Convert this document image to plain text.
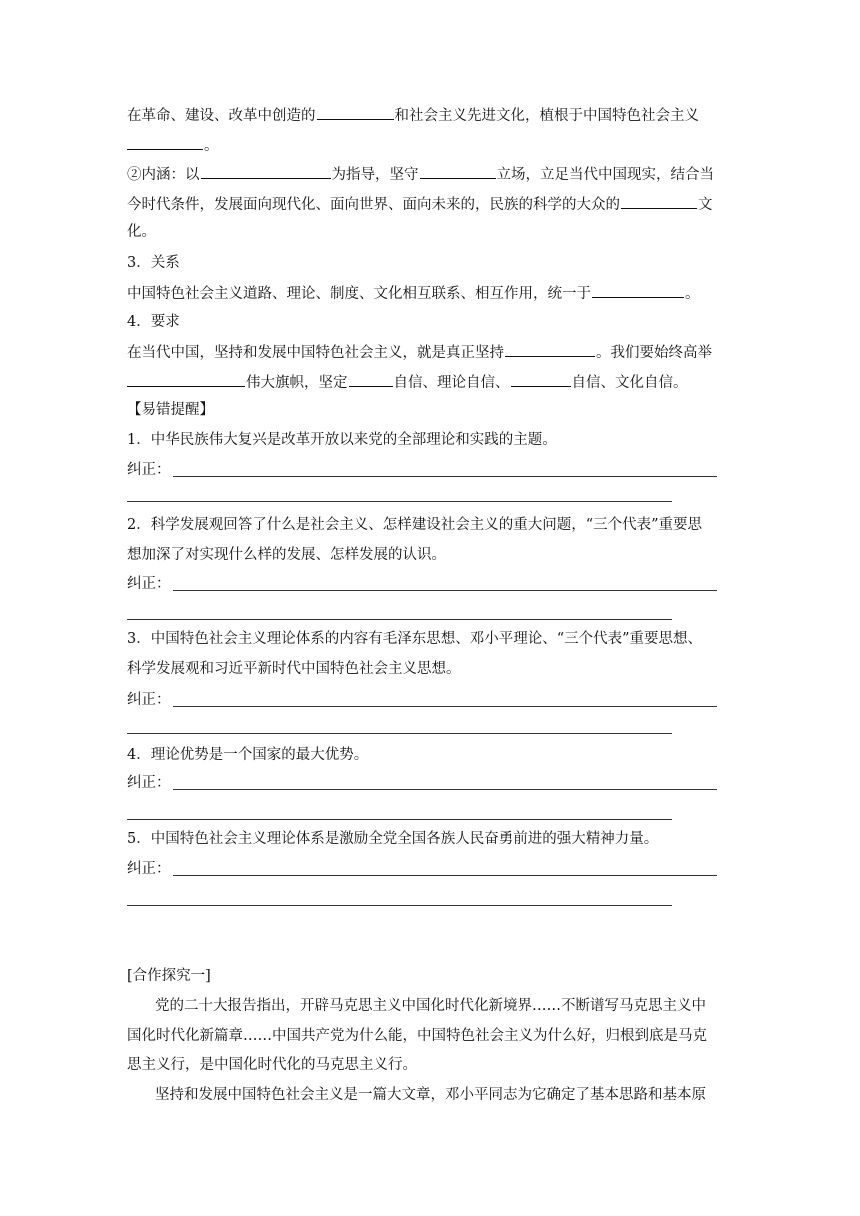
在革命、建设、改革中创造的	和社会主义先进文化，植根于中国特色社会主义
。
②内涵：以	为指导，坚守	立场，立足当代中国现实，结合当
今时代条件，发展面向现代化、面向世界、面向未来的，民族的科学的大众的	文
化。
3．关系
中国特色社会主义道路、理论、制度、文化相互联系、相互作用，统一于	。
4．要求
在当代中国，坚持和发展中国特色社会主义，就是真正坚持	。我们要始终高举
伟大旗帜，坚定	自信、理论自信、	自信、文化自信。
【易错提醒】
1．中华民族伟大复兴是改革开放以来党的全部理论和实践的主题。
纠正：
2．科学发展观回答了什么是社会主义、怎样建设社会主义的重大问题，“三个代表”重要思
想加深了对实现什么样的发展、怎样发展的认识。
纠正：
3．中国特色社会主义理论体系的内容有毛泽东思想、邓小平理论、“三个代表”重要思想、
科学发展观和习近平新时代中国特色社会主义思想。
纠正：
4．理论优势是一个国家的最大优势。
纠正：
5．中国特色社会主义理论体系是激励全党全国各族人民奋勇前进的强大精神力量。
纠正：
[合作探究一]
党的二十大报告指出，开辟马克思主义中国化时代化新境界……不断谱写马克思主义中
国化时代化新篇章……中国共产党为什么能，中国特色社会主义为什么好，归根到底是马克
思主义行，是中国化时代化的马克思主义行。
坚持和发展中国特色社会主义是一篇大文章，邓小平同志为它确定了基本思路和基本原
